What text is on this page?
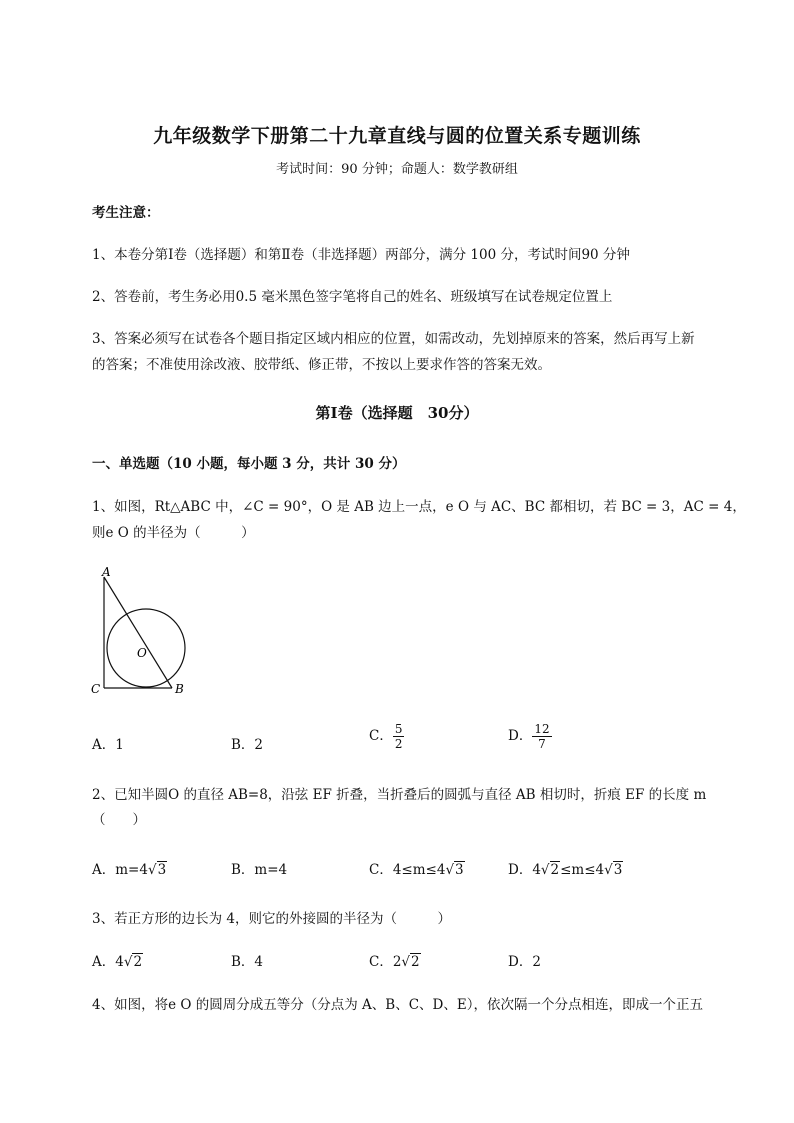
九年级数学下册第二十九章直线与圆的位置关系专题训练
考试时间：90 分钟；命题人：数学教研组
考生注意：
1、本卷分第Ⅰ卷（选择题）和第Ⅱ卷（非选择题）两部分，满分 100 分，考试时间90 分钟
2、答卷前，考生务必用0.5 毫米黑色签字笔将自己的姓名、班级填写在试卷规定位置上
3、答案必须写在试卷各个题目指定区域内相应的位置，如需改动，先划掉原来的答案，然后再写上新
的答案；不准使用涂改液、胶带纸、修正带，不按以上要求作答的答案无效。
第Ⅰ卷（选择题　30分）
一、单选题（10 小题，每小题 3 分，共计 30 分）
1、如图，Rt△ABC 中，∠C = 90°，O 是 AB 边上一点，e O 与 AC、BC 都相切，若 BC = 3，AC = 4，
则e O 的半径为（　　　）
A
C	B
O
A．1	B．2
C． $\frac{5}{2}$	D． $\frac{12}{7}$
2、已知半圆O 的直径 AB=8，沿弦 EF 折叠，当折叠后的圆弧与直径 AB 相切时，折痕 EF 的长度 m
（　　）
A．m=4√3	B．m=4	C．4≤m≤4√3	D．4√2≤m≤4√3
3、若正方形的边长为 4，则它的外接圆的半径为（　　　）
A．4√2	B．4	C．2√2	D．2
4、如图，将e O 的圆周分成五等分（分点为 A、B、C、D、E），依次隔一个分点相连，即成一个正五
